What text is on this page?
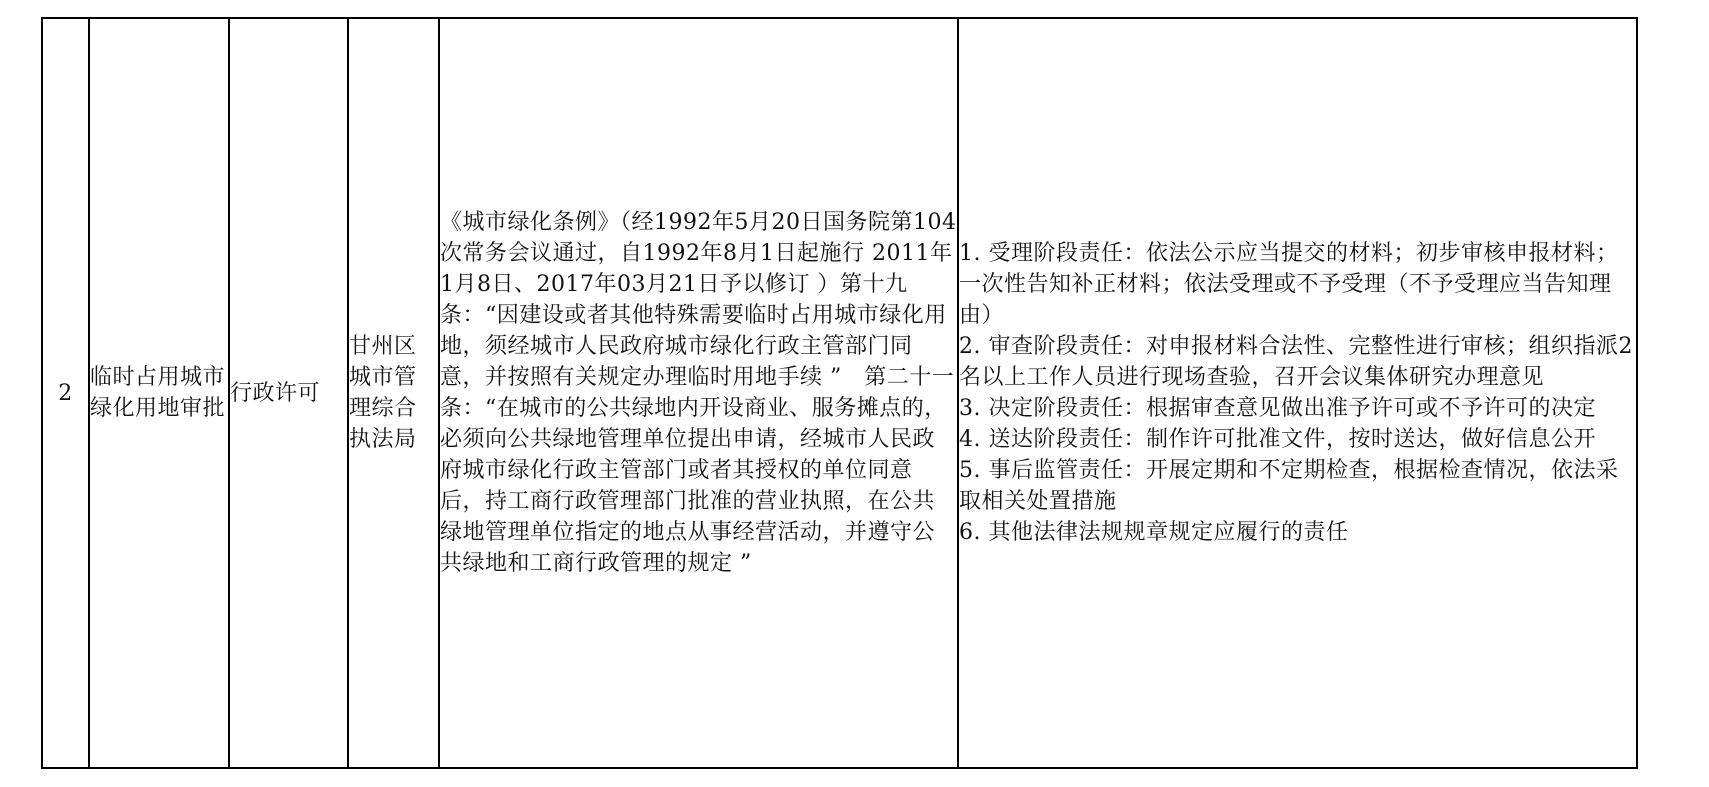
2

临时占用城市绿化用地审批

行政许可

甘州区城市管理综合执法局

《城市绿化条例》（经1992年5月20日国务院第104次常务会议通过，自1992年8月1日起施行 2011年1月8日、2017年03月21日予以修订 ）第十九条：“因建设或者其他特殊需要临时占用城市绿化用地，须经城市人民政府城市绿化行政主管部门同意，并按照有关规定办理临时用地手续 ”　第二十一条：“在城市的公共绿地内开设商业、服务摊点的，必须向公共绿地管理单位提出申请，经城市人民政府城市绿化行政主管部门或者其授权的单位同意后，持工商行政管理部门批准的营业执照，在公共绿地管理单位指定的地点从事经营活动，并遵守公共绿地和工商行政管理的规定 ”

1. 受理阶段责任：依法公示应当提交的材料；初步审核申报材料；一次性告知补正材料；依法受理或不予受理（不予受理应当告知理由）
2. 审查阶段责任：对申报材料合法性、完整性进行审核；组织指派2名以上工作人员进行现场查验，召开会议集体研究办理意见
3. 决定阶段责任：根据审查意见做出准予许可或不予许可的决定
4. 送达阶段责任：制作许可批准文件，按时送达，做好信息公开
5. 事后监管责任：开展定期和不定期检查，根据检查情况，依法采取相关处置措施
6. 其他法律法规规章规定应履行的责任
